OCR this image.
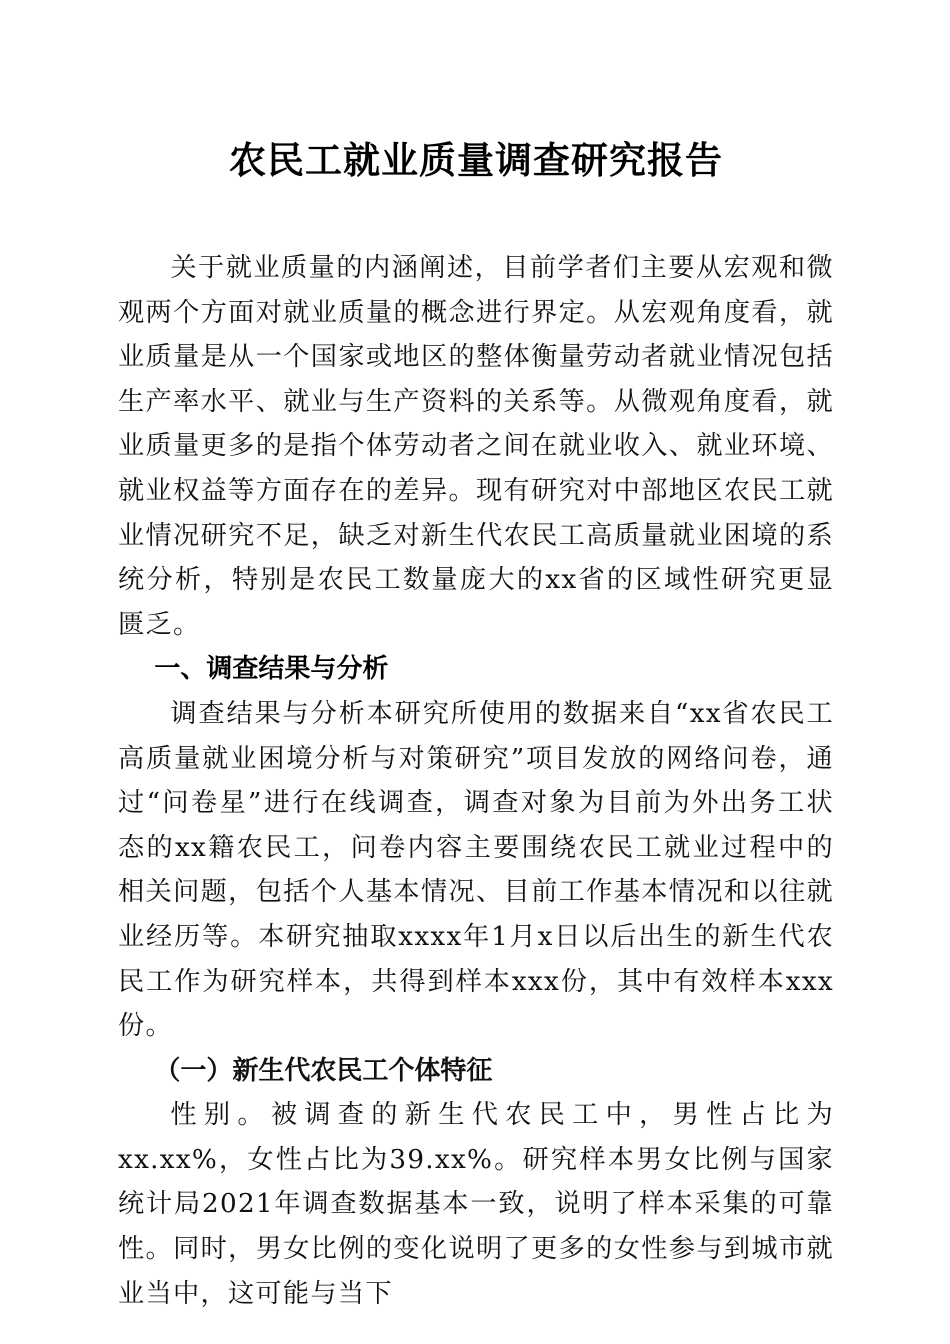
农民工就业质量调查研究报告

关于就业质量的内涵阐述，目前学者们主要从宏观和微观两个方面对就业质量的概念进行界定。从宏观角度看，就业质量是从一个国家或地区的整体衡量劳动者就业情况包括生产率水平、就业与生产资料的关系等。从微观角度看，就业质量更多的是指个体劳动者之间在就业收入、就业环境、就业权益等方面存在的差异。现有研究对中部地区农民工就业情况研究不足，缺乏对新生代农民工高质量就业困境的系统分析，特别是农民工数量庞大的xx省的区域性研究更显匮乏。

一、调查结果与分析

调查结果与分析本研究所使用的数据来自“xx省农民工高质量就业困境分析与对策研究”项目发放的网络问卷，通过“问卷星”进行在线调查，调查对象为目前为外出务工状态的xx籍农民工，问卷内容主要围绕农民工就业过程中的相关问题，包括个人基本情况、目前工作基本情况和以往就业经历等。本研究抽取xxxx年1月x日以后出生的新生代农民工作为研究样本，共得到样本xxx份，其中有效样本xxx份。

（一）新生代农民工个体特征

性别。被调查的新生代农民工中，男性占比为xx.xx%，女性占比为39.xx%。研究样本男女比例与国家统计局2021年调查数据基本一致，说明了样本采集的可靠性。同时，男女比例的变化说明了更多的女性参与到城市就业当中，这可能与当下
